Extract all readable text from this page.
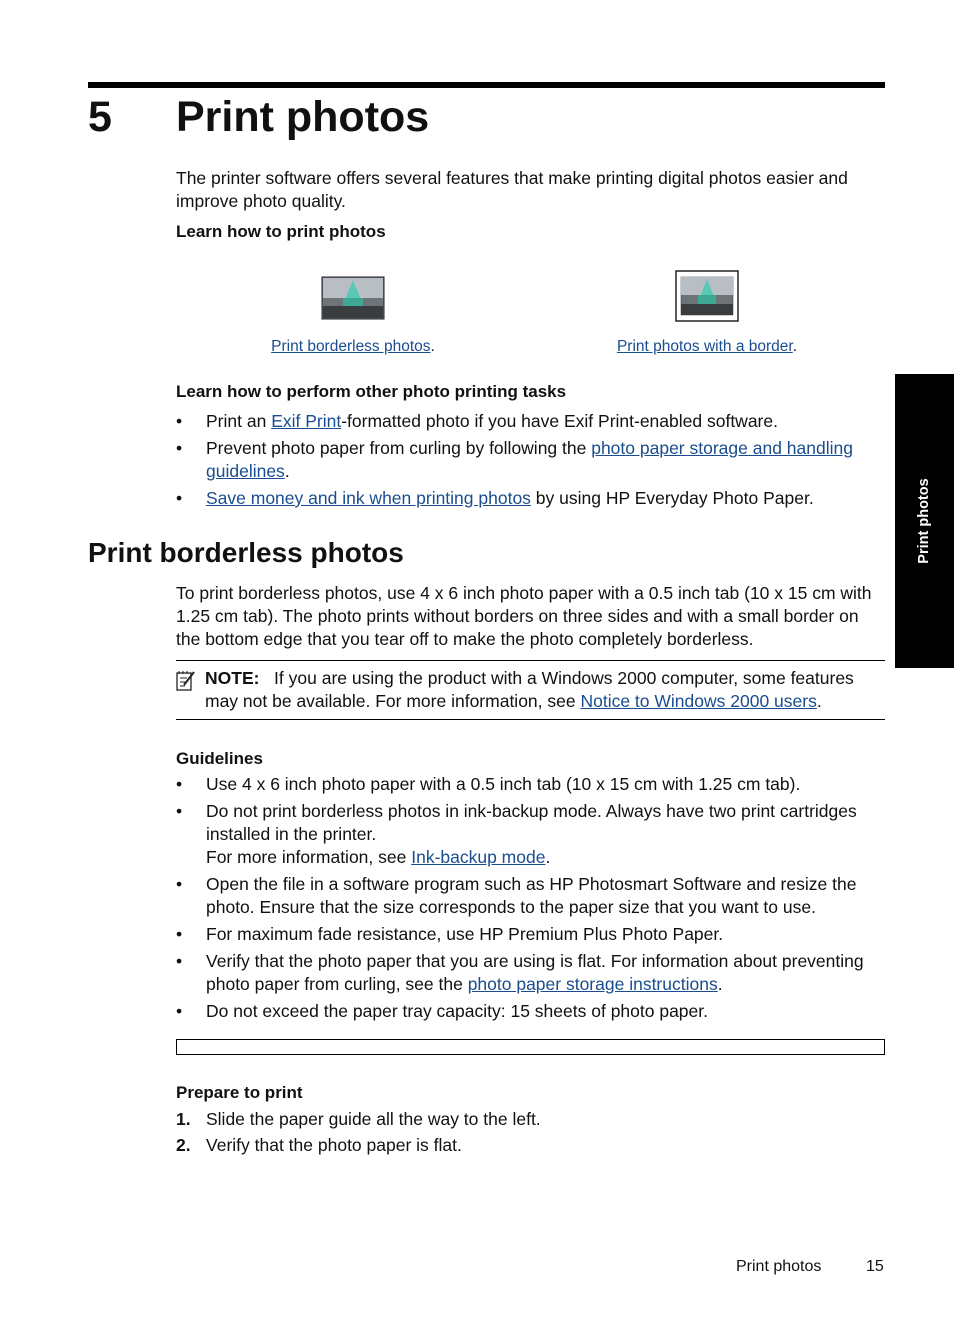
5 Print photos
The printer software offers several features that make printing digital photos easier and improve photo quality.
Learn how to print photos
Print borderless photos.	Print photos with a border.
Learn how to perform other photo printing tasks
• Print an Exif Print-formatted photo if you have Exif Print-enabled software.
• Prevent photo paper from curling by following the photo paper storage and handling guidelines.
• Save money and ink when printing photos by using HP Everyday Photo Paper.
Print borderless photos
To print borderless photos, use 4 x 6 inch photo paper with a 0.5 inch tab (10 x 15 cm with 1.25 cm tab). The photo prints without borders on three sides and with a small border on the bottom edge that you tear off to make the photo completely borderless.
NOTE: If you are using the product with a Windows 2000 computer, some features may not be available. For more information, see Notice to Windows 2000 users.
Guidelines
• Use 4 x 6 inch photo paper with a 0.5 inch tab (10 x 15 cm with 1.25 cm tab).
• Do not print borderless photos in ink-backup mode. Always have two print cartridges installed in the printer.
For more information, see Ink-backup mode.
• Open the file in a software program such as HP Photosmart Software and resize the photo. Ensure that the size corresponds to the paper size that you want to use.
• For maximum fade resistance, use HP Premium Plus Photo Paper.
• Verify that the photo paper that you are using is flat. For information about preventing photo paper from curling, see the photo paper storage instructions.
• Do not exceed the paper tray capacity: 15 sheets of photo paper.
Prepare to print
1. Slide the paper guide all the way to the left.
2. Verify that the photo paper is flat.
Print photos
Print photos	15
